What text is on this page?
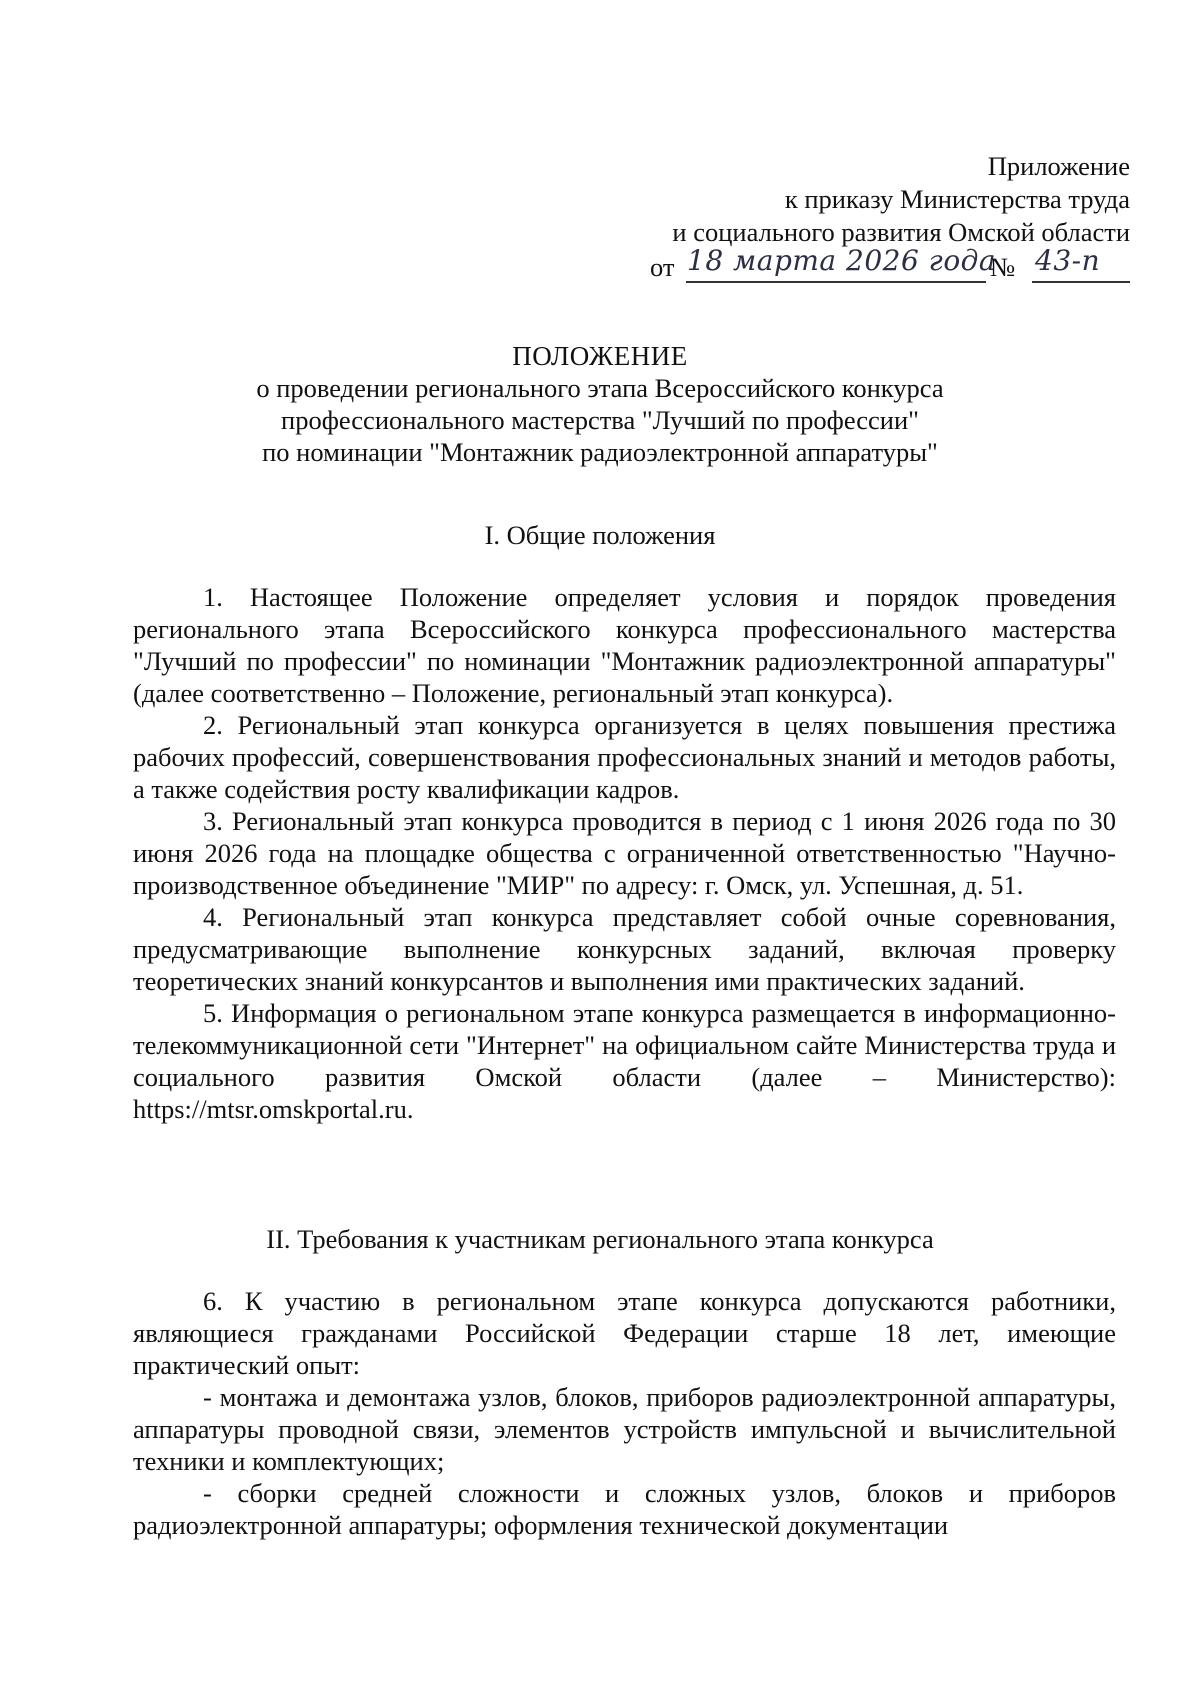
Приложение
к приказу Министерства труда
и социального развития Омской области
от 18 марта 2026 года
№ 43-п
ПОЛОЖЕНИЕ
о проведении регионального этапа Всероссийского конкурса
профессионального мастерства "Лучший по профессии"
по номинации "Монтажник радиоэлектронной аппаратуры"
I. Общие положения

1. Настоящее Положение определяет условия и порядок проведения регионального этапа Всероссийского конкурса профессионального мастерства "Лучший по профессии" по номинации "Монтажник радиоэлектронной аппаратуры" (далее соответственно – Положение, региональный этап конкурса).

2. Региональный этап конкурса организуется в целях повышения престижа рабочих профессий, совершенствования профессиональных знаний и методов работы, а также содействия росту квалификации кадров.

3. Региональный этап конкурса проводится в период с 1 июня 2026 года по 30 июня 2026 года на площадке общества с ограниченной ответственностью "Научно-производственное объединение "МИР" по адресу: г. Омск, ул. Успешная, д. 51.

4. Региональный этап конкурса представляет собой очные соревнования, предусматривающие выполнение конкурсных заданий, включая проверку теоретических знаний конкурсантов и выполнения ими практических заданий.

5. Информация о региональном этапе конкурса размещается в информационно-телекоммуникационной сети "Интернет" на официальном сайте Министерства труда и социального развития Омской области (далее – Министерство): https://mtsr.omskportal.ru.

II. Требования к участникам регионального этапа конкурса

6. К участию в региональном этапе конкурса допускаются работники, являющиеся гражданами Российской Федерации старше 18 лет, имеющие практический опыт:

- монтажа и демонтажа узлов, блоков, приборов радиоэлектронной аппаратуры, аппаратуры проводной связи, элементов устройств импульсной и вычислительной техники и комплектующих;

- сборки средней сложности и сложных узлов, блоков и приборов радиоэлектронной аппаратуры; оформления технической документации
